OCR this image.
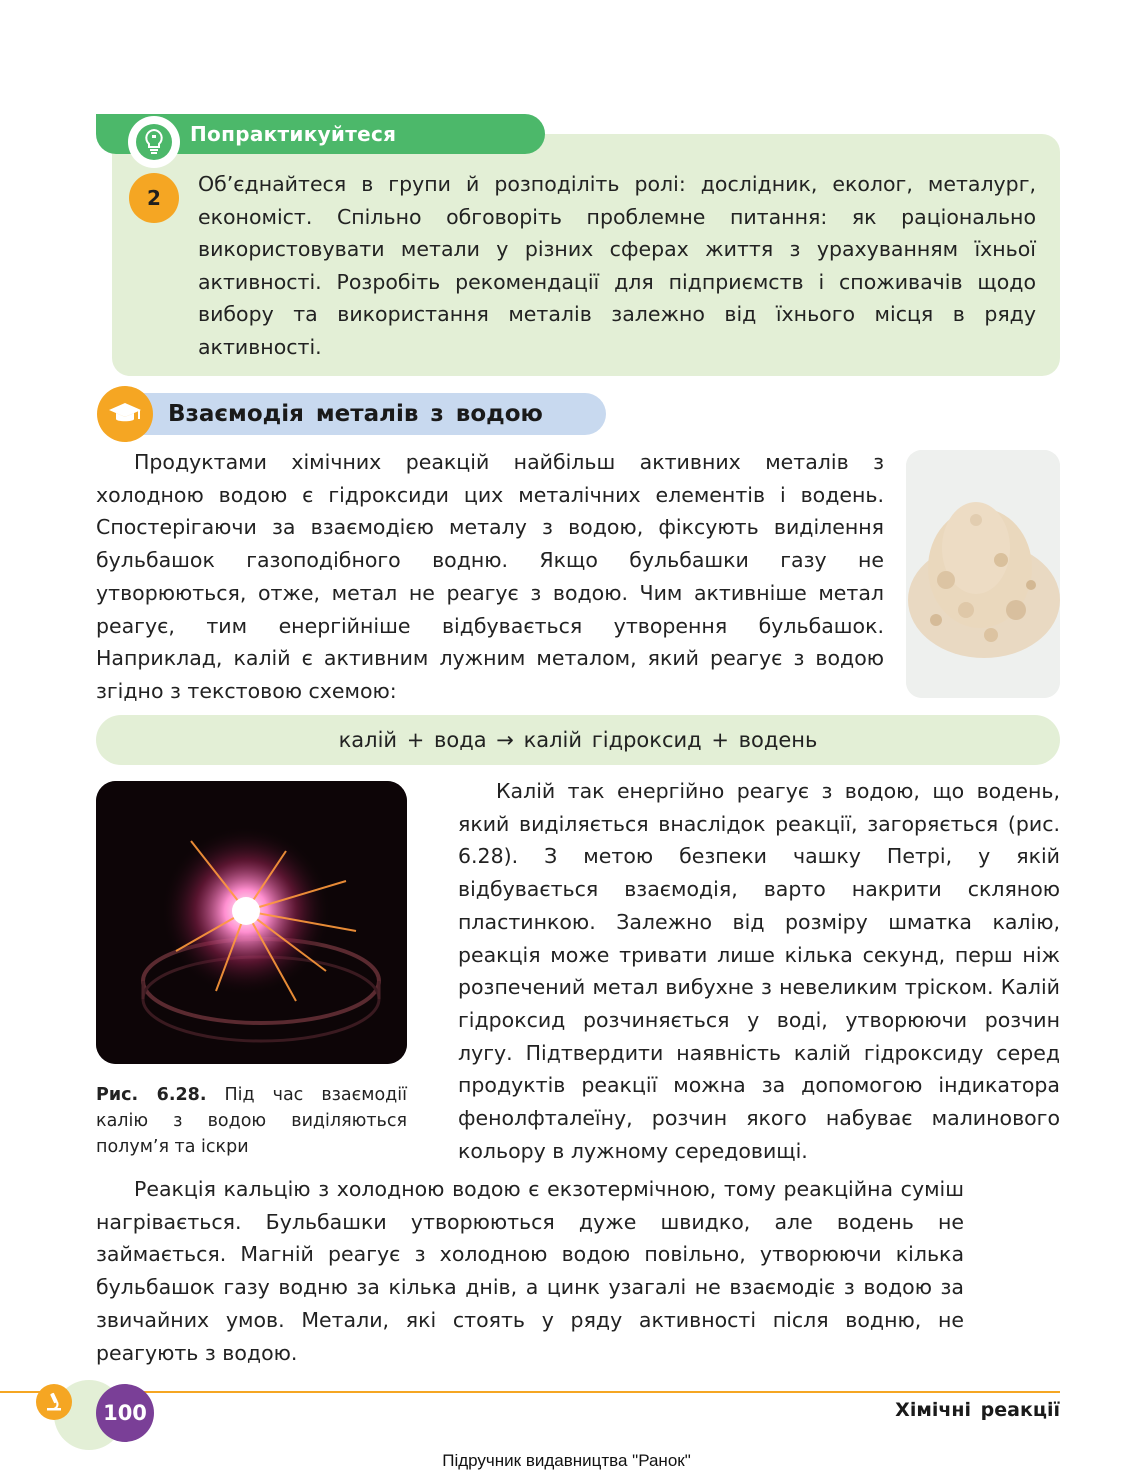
Попрактикуйтеся
2
Об’єднайтеся в групи й розподіліть ролі: дослідник, еколог, металург, економіст. Спільно обговоріть проблемне питання: як раціонально використовувати метали у різних сферах життя з урахуванням їхньої активності. Розробіть рекомендації для підприємств і споживачів щодо вибору та використання металів залежно від їхнього місця в ряду активності.
Взаємодія металів з водою
Продуктами хімічних реакцій найбільш активних металів з холодною водою є гідроксиди цих металічних елементів і водень. Спостерігаючи за взаємодією металу з водою, фіксують виділення бульбашок газоподібного водню. Якщо бульбашки газу не утворюються, отже, метал не реагує з водою. Чим активніше метал реагує, тим енергійніше відбувається утворення бульбашок. Наприклад, калій є активним лужним металом, який реагує з водою згідно з текстовою схемою:
калій + вода → калій гідроксид + водень
Рис. 6.28. Під час взаємодії калію з водою виділяються полум’я та іскри
Калій так енергійно реагує з водою, що водень, який виділяється внаслідок реакції, загоряється (рис. 6.28). З метою безпеки чашку Петрі, у якій відбувається взаємодія, варто накрити скляною пластинкою. Залежно від розміру шматка калію, реакція може тривати лише кілька секунд, перш ніж розпечений метал вибухне з невеликим тріском. Калій гідроксид розчиняється у воді, утворюючи розчин лугу. Підтвердити наявність калій гідроксиду серед продуктів реакції можна за допомогою індикатора фенолфталеїну, розчин якого набуває малинового кольору в лужному середовищі.
Реакція кальцію з холодною водою є екзотермічною, тому реакційна суміш нагрівається. Бульбашки утворюються дуже швидко, але водень не займається. Магній реагує з холодною водою повільно, утворюючи кілька бульбашок газу водню за кілька днів, а цинк узагалі не взаємодіє з водою за звичайних умов. Метали, які стоять у ряду активності після водню, не реагують з водою.
100	Хімічні реакції
Підручник видавництва "Ранок"
